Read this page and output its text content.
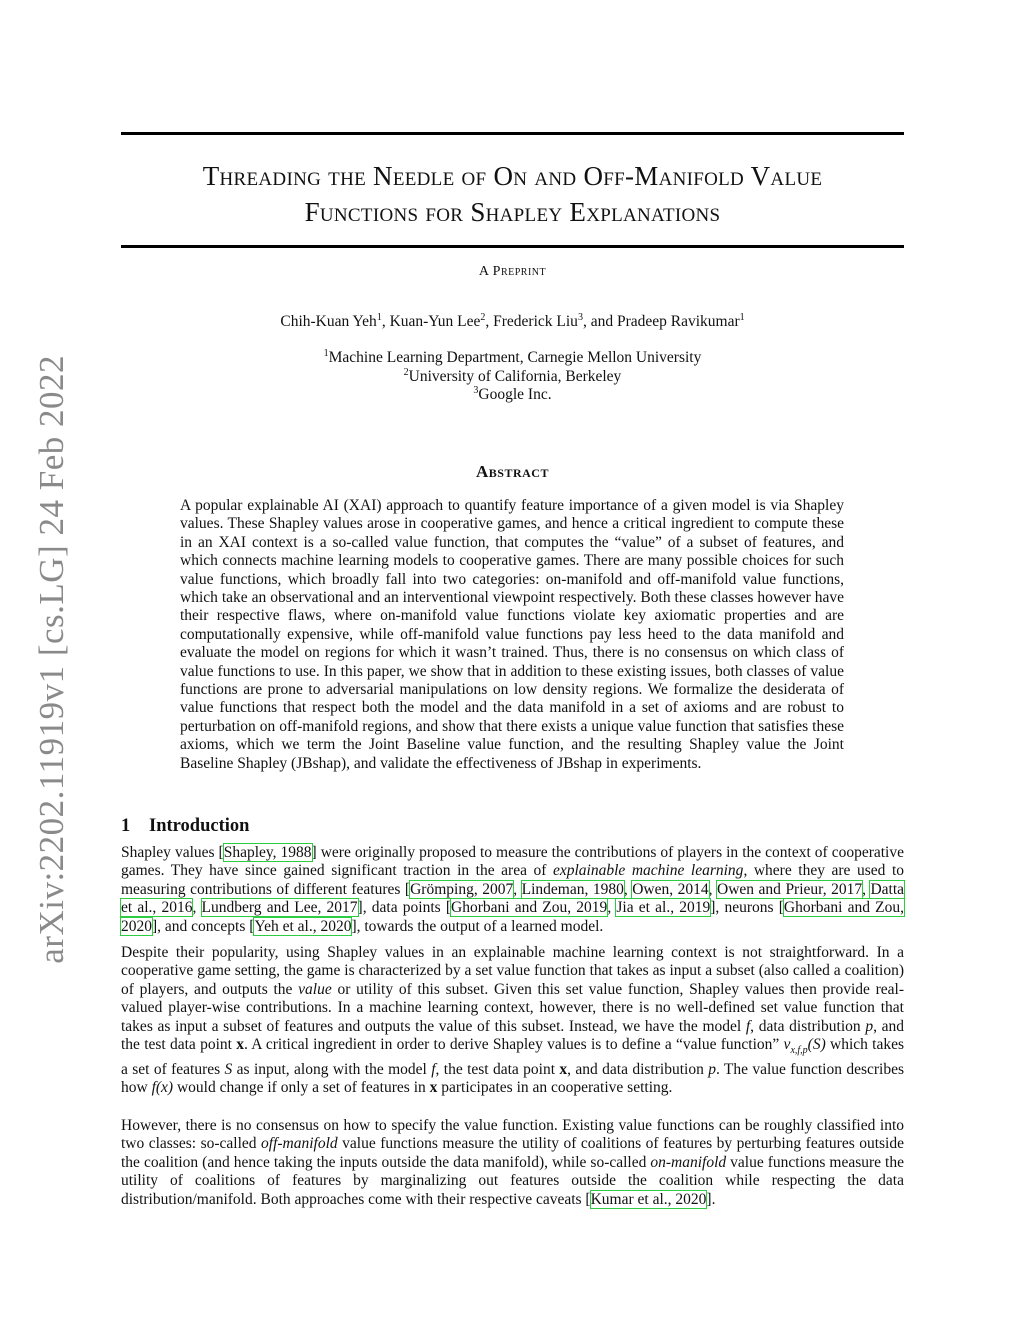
arXiv:2202.11919v1 [cs.LG] 24 Feb 2022
Threading the Needle of On and Off-Manifold Value
Functions for Shapley Explanations
A Preprint
Chih-Kuan Yeh$^1$, Kuan-Yun Lee$^2$, Frederick Liu$^3$, and Pradeep Ravikumar$^1$
$^1$Machine Learning Department, Carnegie Mellon University
$^2$University of California, Berkeley
$^3$Google Inc.
Abstract
A popular explainable AI (XAI) approach to quantify feature importance of a given model is via Shapley values. These Shapley values arose in cooperative games, and hence a critical ingredient to compute these in an XAI context is a so-called value function, that computes the “value” of a subset of features, and which connects machine learning models to cooperative games. There are many possible choices for such value functions, which broadly fall into two categories: on-manifold and off-manifold value functions, which take an observational and an interventional viewpoint respectively. Both these classes however have their respective flaws, where on-manifold value functions violate key axiomatic properties and are computationally expensive, while off-manifold value functions pay less heed to the data manifold and evaluate the model on regions for which it wasn’t trained. Thus, there is no consensus on which class of value functions to use. In this paper, we show that in addition to these existing issues, both classes of value functions are prone to adversarial manipulations on low density regions. We formalize the desiderata of value functions that respect both the model and the data manifold in a set of axioms and are robust to perturbation on off-manifold regions, and show that there exists a unique value function that satisfies these axioms, which we term the Joint Baseline value function, and the resulting Shapley value the Joint Baseline Shapley (JBshap), and validate the effectiveness of JBshap in experiments.
1 Introduction
Shapley values [Shapley, 1988] were originally proposed to measure the contributions of players in the context of cooperative games. They have since gained significant traction in the area of explainable machine learning, where they are used to measuring contributions of different features [Grömping, 2007, Lindeman, 1980, Owen, 2014, Owen and Prieur, 2017, Datta et al., 2016, Lundberg and Lee, 2017], data points [Ghorbani and Zou, 2019, Jia et al., 2019], neurons [Ghorbani and Zou, 2020], and concepts [Yeh et al., 2020], towards the output of a learned model.
Despite their popularity, using Shapley values in an explainable machine learning context is not straightforward. In a cooperative game setting, the game is characterized by a set value function that takes as input a subset (also called a coalition) of players, and outputs the value or utility of this subset. Given this set value function, Shapley values then provide real-valued player-wise contributions. In a machine learning context, however, there is no well-defined set value function that takes as input a subset of features and outputs the value of this subset. Instead, we have the model f, data distribution p, and the test data point x. A critical ingredient in order to derive Shapley values is to define a “value function” $v_{x,f,p}(S)$ which takes a set of features S as input, along with the model f, the test data point x, and data distribution p. The value function describes how f(x) would change if only a set of features in x participates in an cooperative setting.
However, there is no consensus on how to specify the value function. Existing value functions can be roughly classified into two classes: so-called off-manifold value functions measure the utility of coalitions of features by perturbing features outside the coalition (and hence taking the inputs outside the data manifold), while so-called on-manifold value functions measure the utility of coalitions of features by marginalizing out features outside the coalition while respecting the data distribution/manifold. Both approaches come with their respective caveats [Kumar et al., 2020].
